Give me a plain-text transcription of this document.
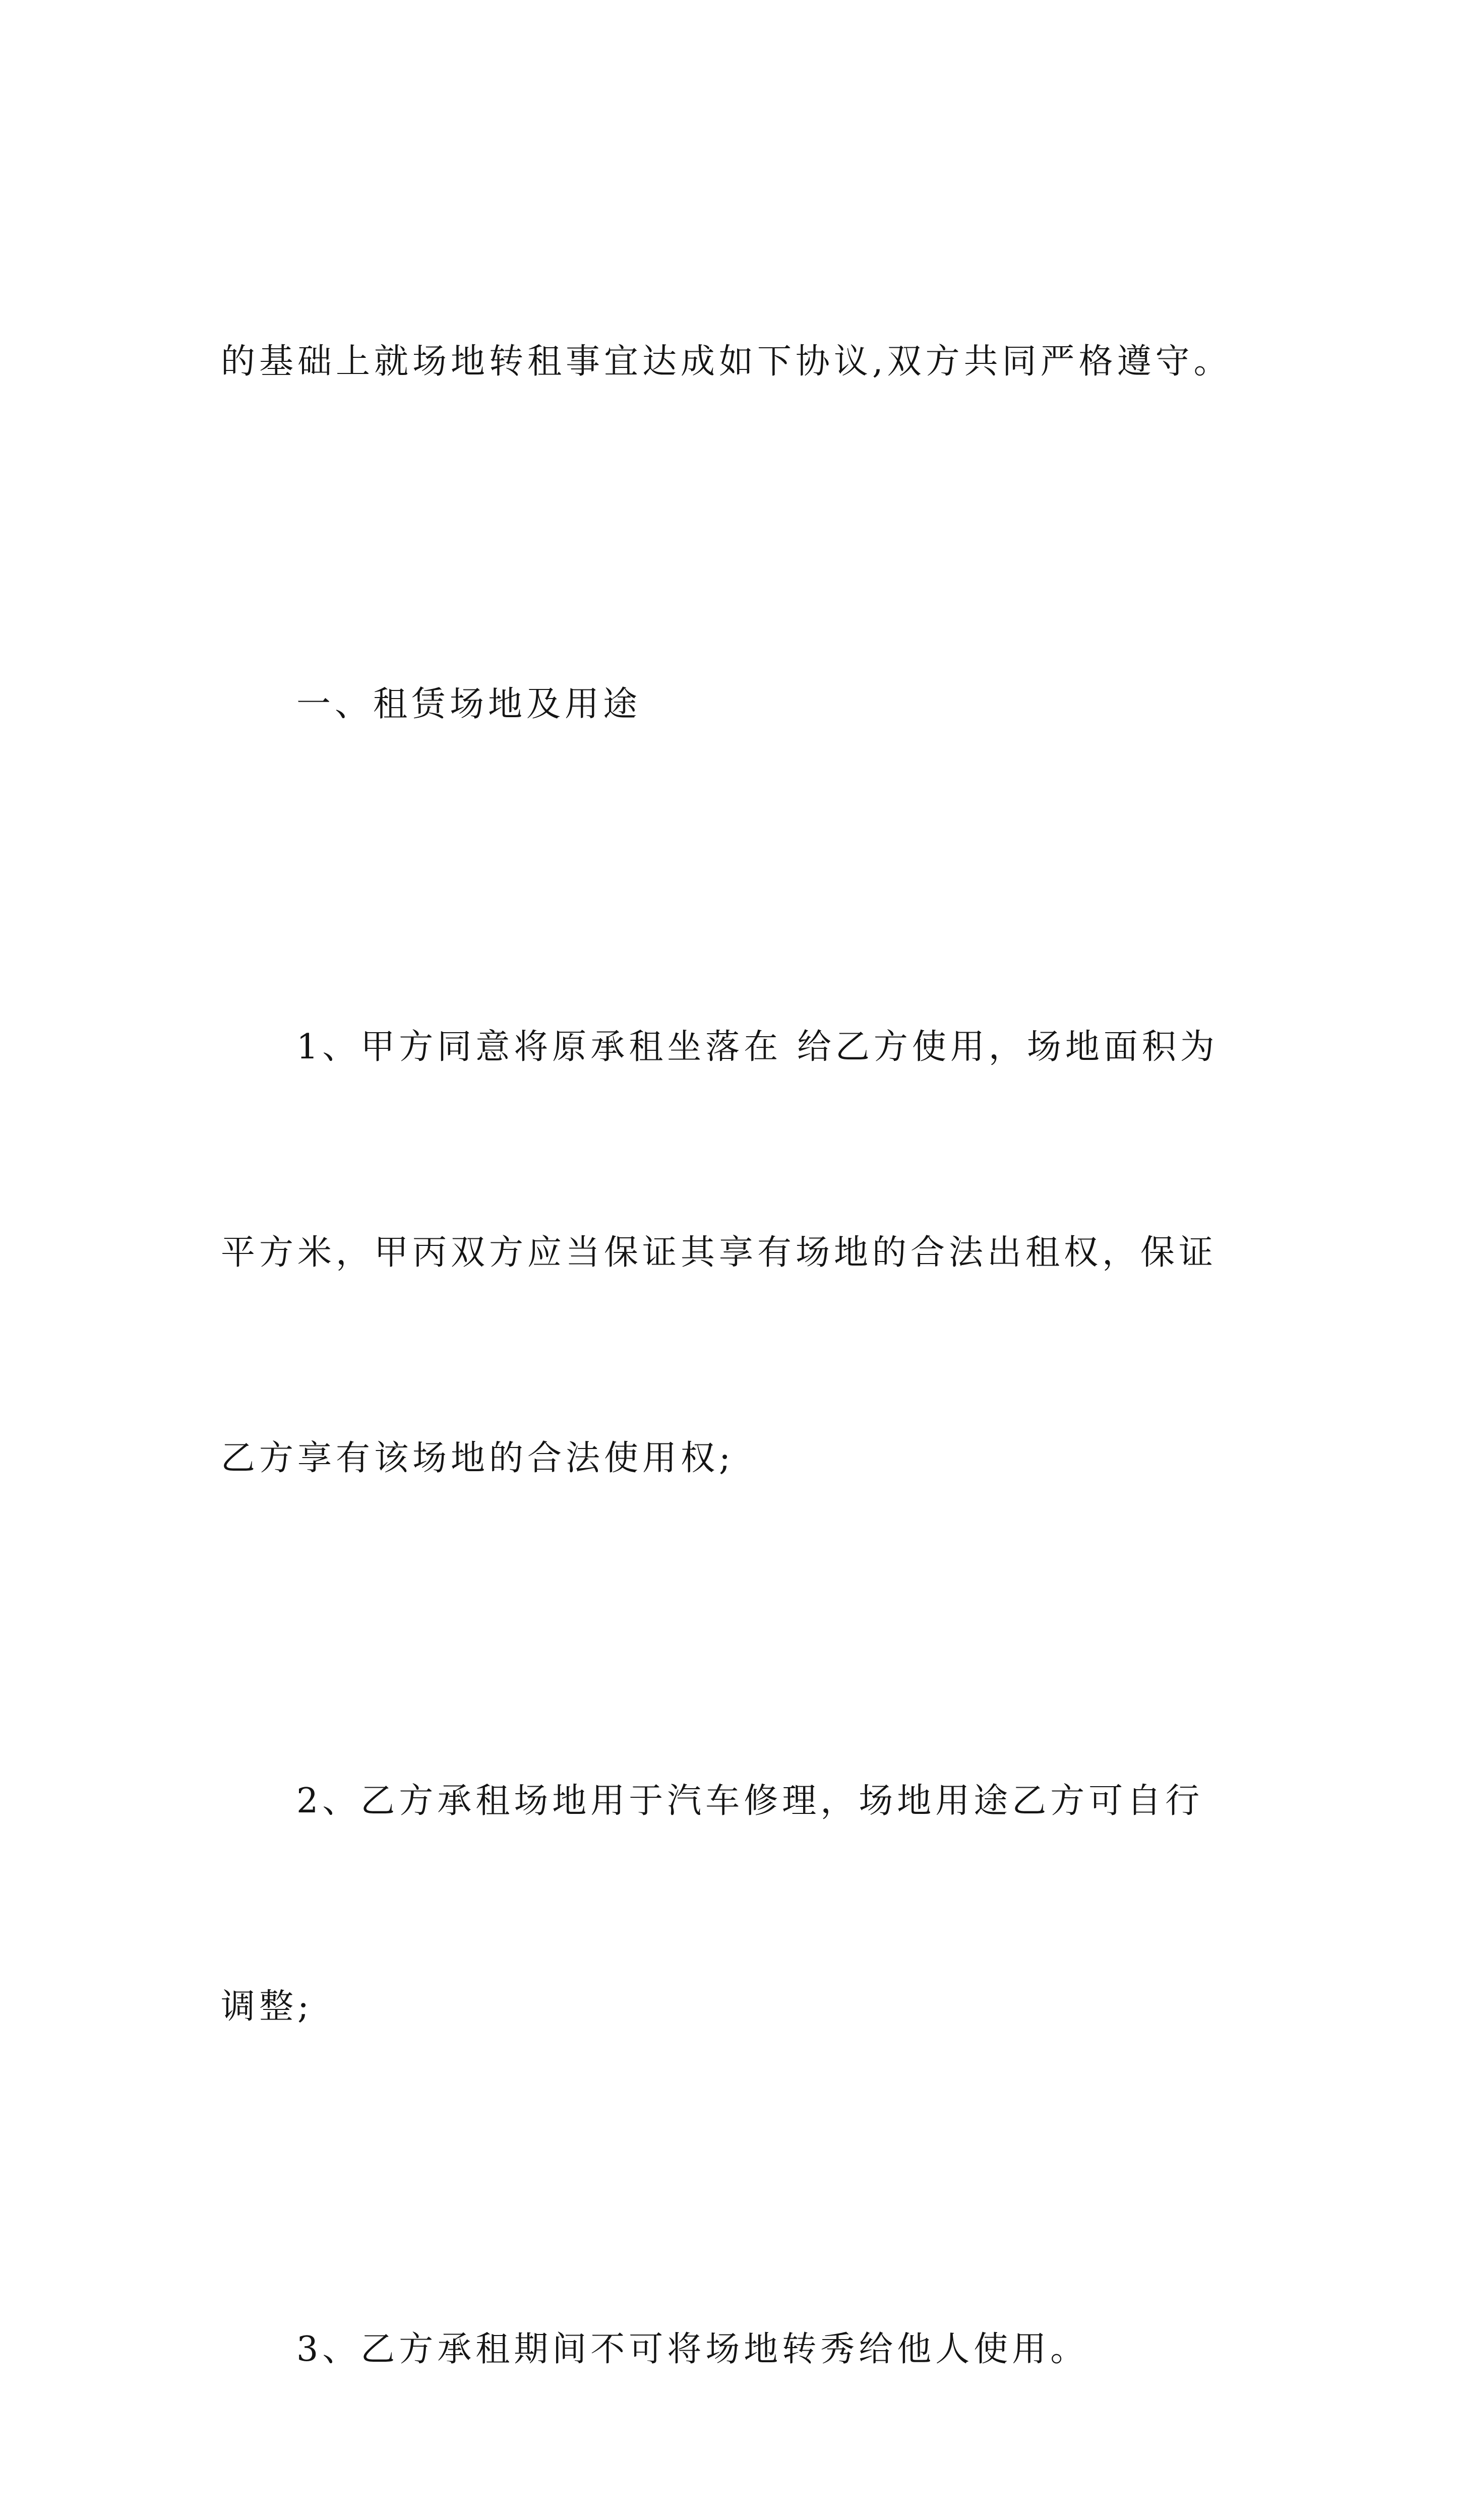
的基础上就场地转租事宜达成如下协议,双方共同严格遵守。

一、租赁场地及用途

1、甲方同意将原承租坐落在 给乙方使用，场地面积为

平方米，甲丙双方应当保证其享有场地的合法出租权，保证

乙方享有该场地的合法使用权;

2、乙方承租场地用于汽车修理，场地用途乙方可自行

调整;

3、乙方承租期间不可将场地转秀给他人使用。
